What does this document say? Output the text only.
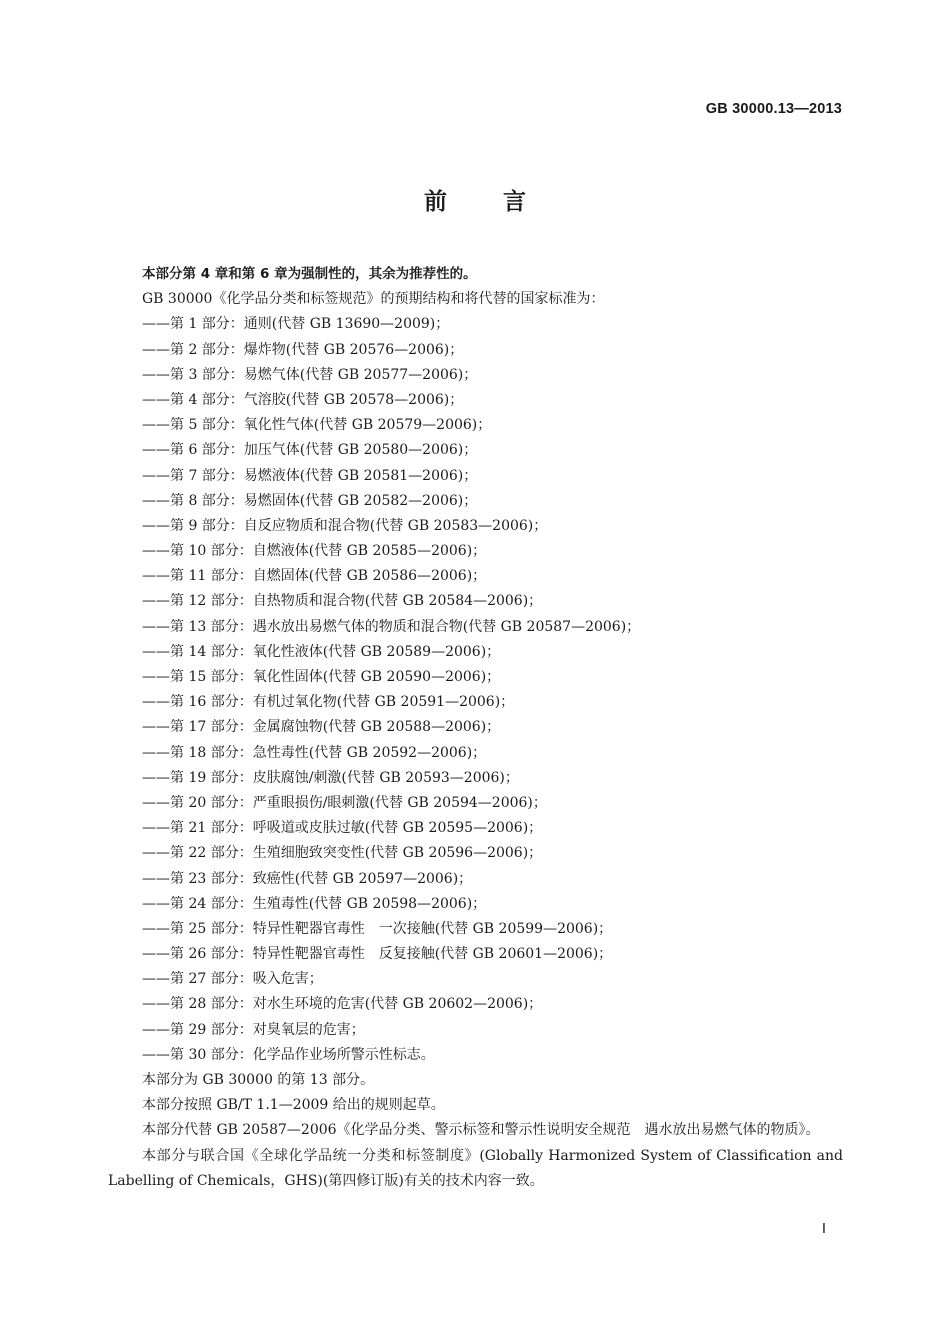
GB 30000.13—2013
前 言
本部分第 4 章和第 6 章为强制性的，其余为推荐性的。
GB 30000《化学品分类和标签规范》的预期结构和将代替的国家标准为：
——第 1 部分：通则(代替 GB 13690—2009)；
——第 2 部分：爆炸物(代替 GB 20576—2006)；
——第 3 部分：易燃气体(代替 GB 20577—2006)；
——第 4 部分：气溶胶(代替 GB 20578—2006)；
——第 5 部分：氧化性气体(代替 GB 20579—2006)；
——第 6 部分：加压气体(代替 GB 20580—2006)；
——第 7 部分：易燃液体(代替 GB 20581—2006)；
——第 8 部分：易燃固体(代替 GB 20582—2006)；
——第 9 部分：自反应物质和混合物(代替 GB 20583—2006)；
——第 10 部分：自燃液体(代替 GB 20585—2006)；
——第 11 部分：自燃固体(代替 GB 20586—2006)；
——第 12 部分：自热物质和混合物(代替 GB 20584—2006)；
——第 13 部分：遇水放出易燃气体的物质和混合物(代替 GB 20587—2006)；
——第 14 部分：氧化性液体(代替 GB 20589—2006)；
——第 15 部分：氧化性固体(代替 GB 20590—2006)；
——第 16 部分：有机过氧化物(代替 GB 20591—2006)；
——第 17 部分：金属腐蚀物(代替 GB 20588—2006)；
——第 18 部分：急性毒性(代替 GB 20592—2006)；
——第 19 部分：皮肤腐蚀/刺激(代替 GB 20593—2006)；
——第 20 部分：严重眼损伤/眼刺激(代替 GB 20594—2006)；
——第 21 部分：呼吸道或皮肤过敏(代替 GB 20595—2006)；
——第 22 部分：生殖细胞致突变性(代替 GB 20596—2006)；
——第 23 部分：致癌性(代替 GB 20597—2006)；
——第 24 部分：生殖毒性(代替 GB 20598—2006)；
——第 25 部分：特异性靶器官毒性　一次接触(代替 GB 20599—2006)；
——第 26 部分：特异性靶器官毒性　反复接触(代替 GB 20601—2006)；
——第 27 部分：吸入危害；
——第 28 部分：对水生环境的危害(代替 GB 20602—2006)；
——第 29 部分：对臭氧层的危害；
——第 30 部分：化学品作业场所警示性标志。
本部分为 GB 30000 的第 13 部分。
本部分按照 GB/T 1.1—2009 给出的规则起草。
本部分代替 GB 20587—2006《化学品分类、警示标签和警示性说明安全规范　遇水放出易燃气体的物质》。
本部分与联合国《全球化学品统一分类和标签制度》(Globally Harmonized System of Classification and Labelling of Chemicals，GHS)(第四修订版)有关的技术内容一致。
Ⅰ
